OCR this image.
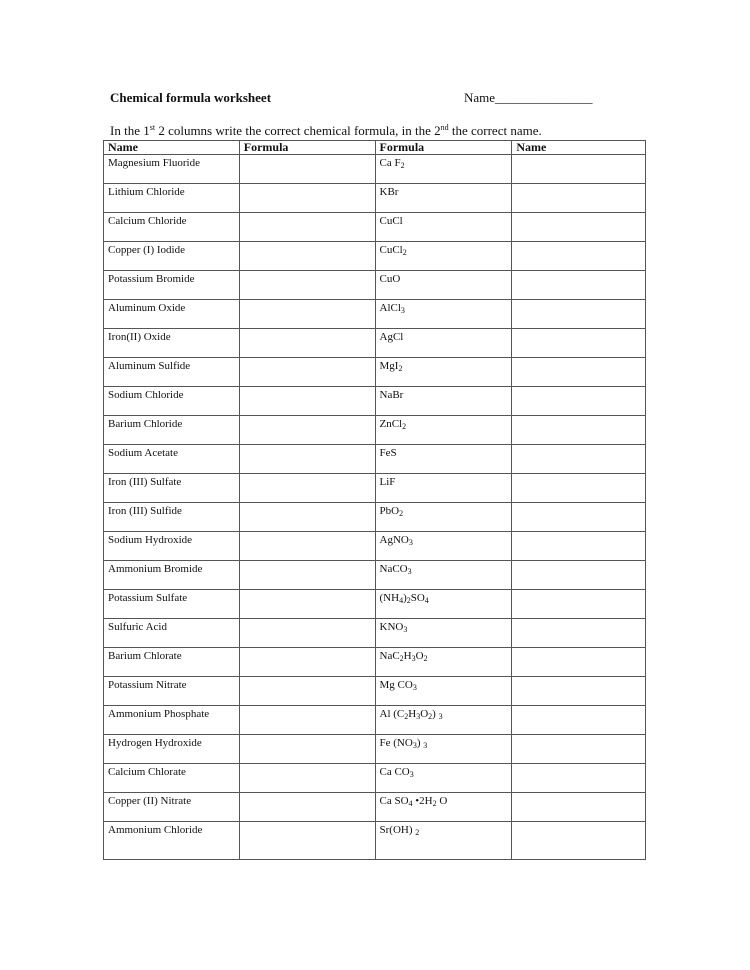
Chemical formula worksheet	Name_______________
In the 1st 2 columns write the correct chemical formula, in the 2nd the correct name.
Name	Formula	Formula	Name
Magnesium Fluoride		Ca $F_2$	
Lithium Chloride		KBr	
Calcium Chloride		CuCl	
Copper (I) Iodide		CuCl$_2$	
Potassium Bromide		CuO	
Aluminum Oxide		AlCl$_3$	
Iron(II) Oxide		AgCl	
Aluminum Sulfide		MgI$_2$	
Sodium Chloride		NaBr	
Barium Chloride		ZnCl$_2$	
Sodium Acetate		FeS	
Iron (III) Sulfate		LiF	
Iron (III) Sulfide		PbO$_2$	
Sodium Hydroxide		AgNO$_3$	
Ammonium Bromide		NaCO$_3$	
Potassium Sulfate		$(NH_4)_2SO_4$	
Sulfuric Acid		$KNO_3$	
Barium Chlorate		$NaC_2H_3O_2$	
Potassium Nitrate		Mg $CO_3$	
Ammonium Phosphate		Al $(C_2H_3O_2)$ $_3$	
Hydrogen Hydroxide		Fe $(NO_3)$ $_3$	
Calcium Chlorate		Ca $CO_3$	
Copper (II) Nitrate		Ca $SO_4$ $•2H_2$ O	
Ammonium Chloride		Sr(OH) $_2$	
